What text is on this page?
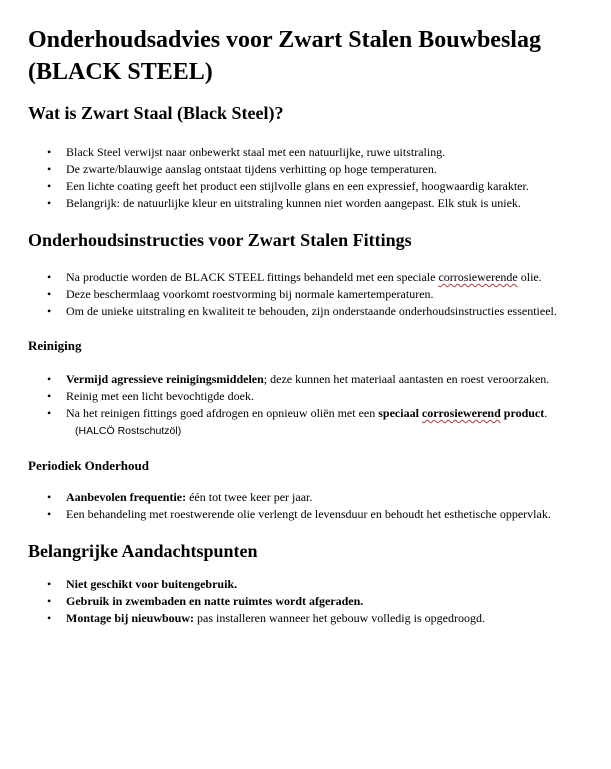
Onderhoudsadvies voor Zwart Stalen Bouwbeslag (BLACK STEEL)
Wat is Zwart Staal (Black Steel)?
• Black Steel verwijst naar onbewerkt staal met een natuurlijke, ruwe uitstraling.
• De zwarte/blauwige aanslag ontstaat tijdens verhitting op hoge temperaturen.
• Een lichte coating geeft het product een stijlvolle glans en een expressief, hoogwaardig karakter.
• Belangrijk: de natuurlijke kleur en uitstraling kunnen niet worden aangepast. Elk stuk is uniek.
Onderhoudsinstructies voor Zwart Stalen Fittings
• Na productie worden de BLACK STEEL fittings behandeld met een speciale corrosiewerende olie.
• Deze beschermlaag voorkomt roestvorming bij normale kamertemperaturen.
• Om de unieke uitstraling en kwaliteit te behouden, zijn onderstaande onderhoudsinstructies essentieel.
Reiniging
• Vermijd agressieve reinigingsmiddelen; deze kunnen het materiaal aantasten en roest veroorzaken.
• Reinig met een licht bevochtigde doek.
• Na het reinigen fittings goed afdrogen en opnieuw oliën met een speciaal corrosiewerend product.(HALCÖ Rostschutzöl)
Periodiek Onderhoud
• Aanbevolen frequentie: één tot twee keer per jaar.
• Een behandeling met roestwerende olie verlengt de levensduur en behoudt het esthetische oppervlak.
Belangrijke Aandachtspunten
• Niet geschikt voor buitengebruik.
• Gebruik in zwembaden en natte ruimtes wordt afgeraden.
• Montage bij nieuwbouw: pas installeren wanneer het gebouw volledig is opgedroogd.
